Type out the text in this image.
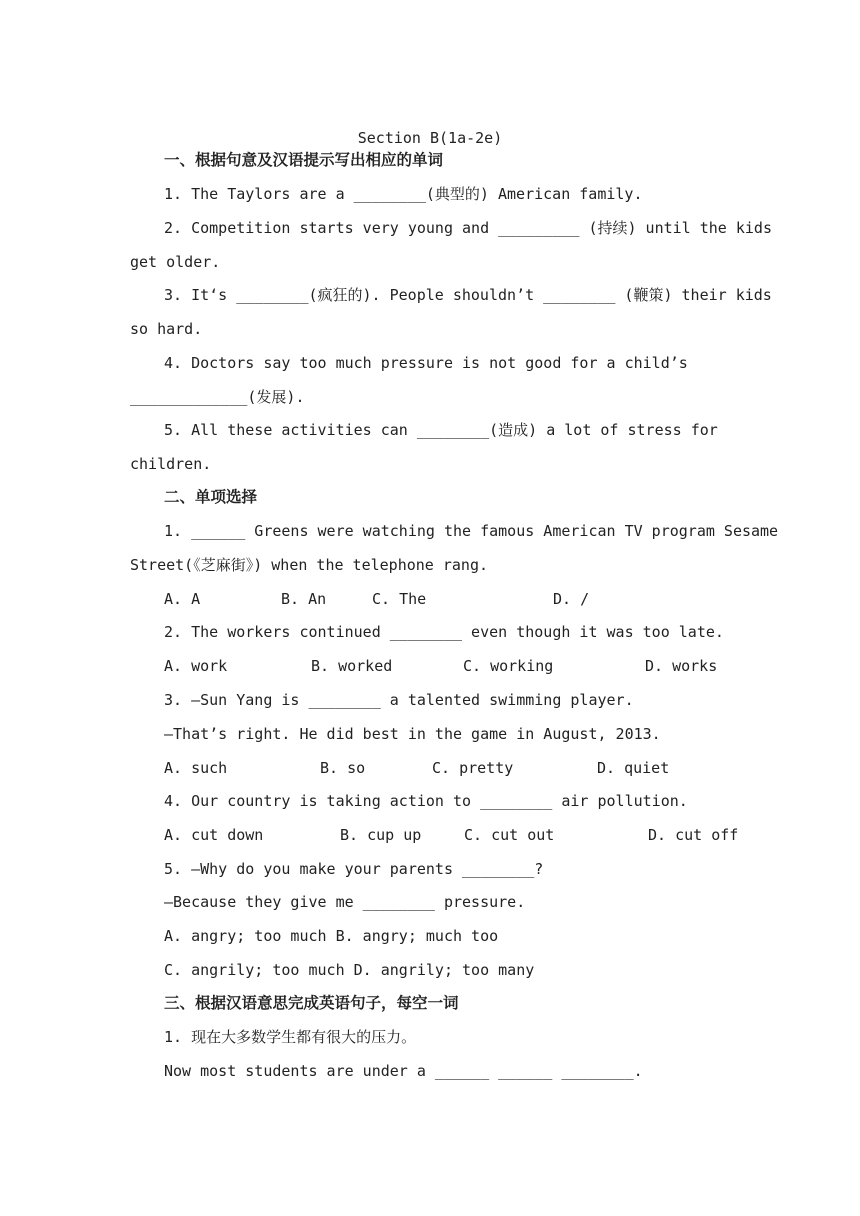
Section B(1a-2e)
一、根据句意及汉语提示写出相应的单词
1. The Taylors are a ________(典型的) American family.
2. Competition starts very young and _________ (持续) until the kids
get older.
3. It‘s ________(疯狂的). People shouldn’t ________ (鞭策) their kids
so hard.
4. Doctors say too much pressure is not good for a child’s
_____________(发展).
5. All these activities can ________(造成) a lot of stress for
children.
二、单项选择
1. ______ Greens were watching the famous American TV program Sesame
Street(《芝麻街》) when the telephone rang.
A. A	B. An	C. The	D. /
2. The workers continued ________ even though it was too late.
A. work	B. worked	C. working	D. works
3. —Sun Yang is ________ a talented swimming player.
—That’s right. He did best in the game in August, 2013.
A. such	B. so	C. pretty	D. quiet
4. Our country is taking action to ________ air pollution.
A. cut down	B. cup up	C. cut out	D. cut off
5. —Why do you make your parents ________?
—Because they give me ________ pressure.
A. angry; too much B. angry; much too
C. angrily; too much D. angrily; too many
三、根据汉语意思完成英语句子，每空一词
1. 现在大多数学生都有很大的压力。
Now most students are under a ______ ______ ________.
